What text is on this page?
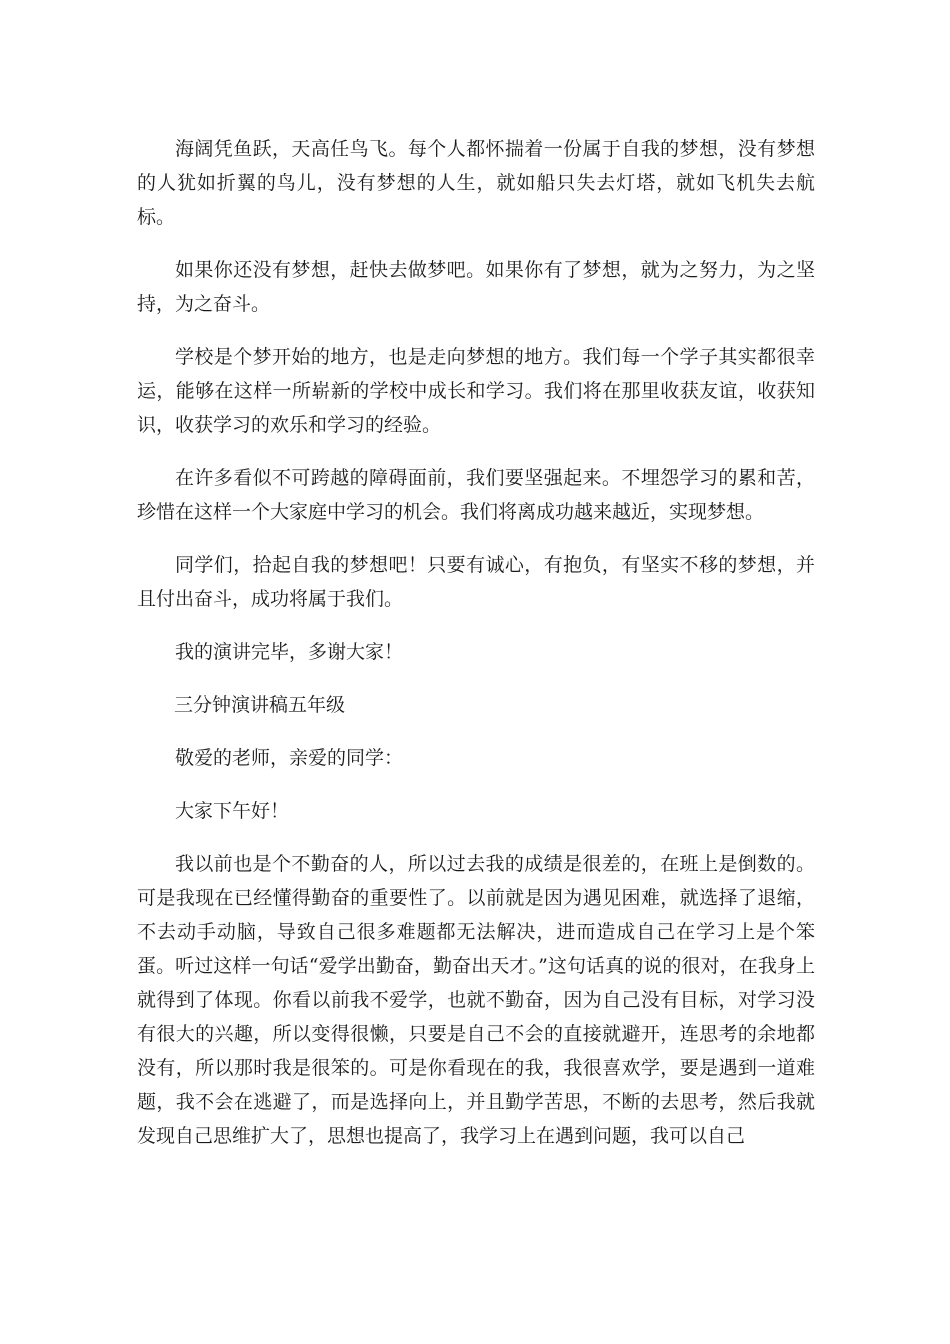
海阔凭鱼跃，天高任鸟飞。每个人都怀揣着一份属于自我的梦想，没有梦想的人犹如折翼的鸟儿，没有梦想的人生，就如船只失去灯塔，就如飞机失去航标。

如果你还没有梦想，赶快去做梦吧。如果你有了梦想，就为之努力，为之坚持，为之奋斗。

学校是个梦开始的地方，也是走向梦想的地方。我们每一个学子其实都很幸运，能够在这样一所崭新的学校中成长和学习。我们将在那里收获友谊，收获知识，收获学习的欢乐和学习的经验。

在许多看似不可跨越的障碍面前，我们要坚强起来。不埋怨学习的累和苦，珍惜在这样一个大家庭中学习的机会。我们将离成功越来越近，实现梦想。

同学们，拾起自我的梦想吧！只要有诚心，有抱负，有坚实不移的梦想，并且付出奋斗，成功将属于我们。

我的演讲完毕，多谢大家！

三分钟演讲稿五年级

敬爱的老师，亲爱的同学：

大家下午好！

我以前也是个不勤奋的人，所以过去我的成绩是很差的，在班上是倒数的。可是我现在已经懂得勤奋的重要性了。以前就是因为遇见困难，就选择了退缩，不去动手动脑，导致自己很多难题都无法解决，进而造成自己在学习上是个笨蛋。听过这样一句话“爱学出勤奋，勤奋出天才。”这句话真的说的很对，在我身上就得到了体现。你看以前我不爱学，也就不勤奋，因为自己没有目标，对学习没有很大的兴趣，所以变得很懒，只要是自己不会的直接就避开，连思考的余地都没有，所以那时我是很笨的。可是你看现在的我，我很喜欢学，要是遇到一道难题，我不会在逃避了，而是选择向上，并且勤学苦思，不断的去思考，然后我就发现自己思维扩大了，思想也提高了，我学习上在遇到问题，我可以自己
